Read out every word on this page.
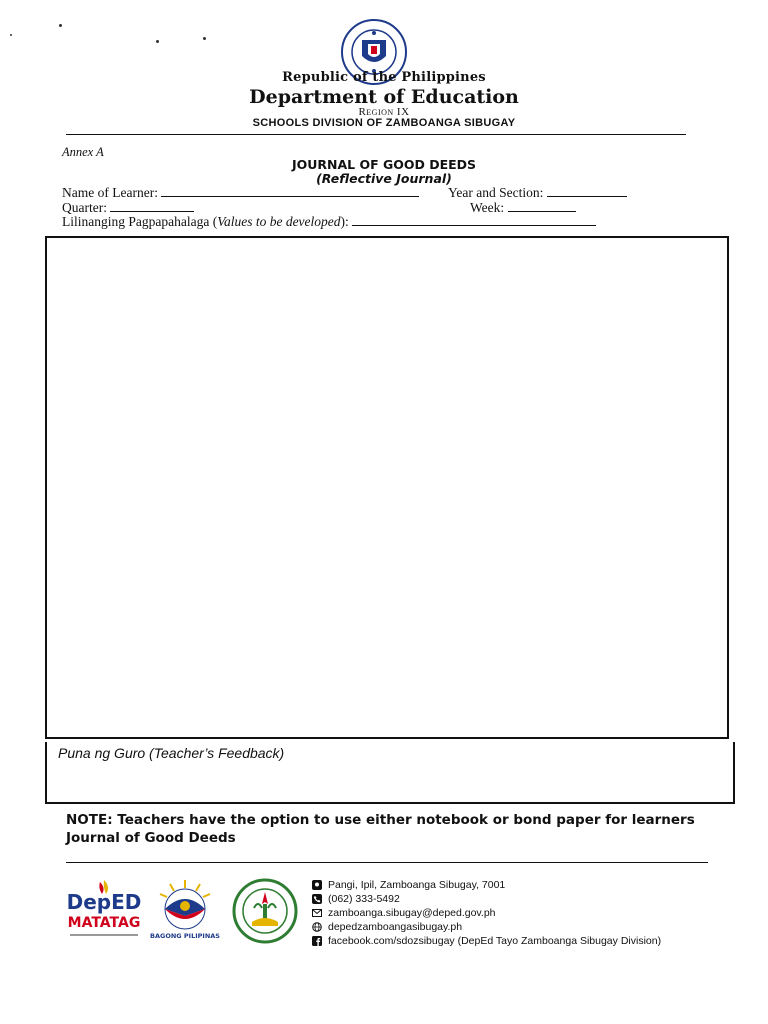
Republic of the Philippines
Department of Education
Region IX
SCHOOLS DIVISION OF ZAMBOANGA SIBUGAY
Annex A
JOURNAL OF GOOD DEEDS
(Reflective Journal)
Name of Learner:	Year and Section:
Quarter:	Week:
Lilinanging Pagpapahalaga (Values to be developed):
Puna ng Guro (Teacher’s Feedback)
NOTE: Teachers have the option to use either notebook or bond paper for learners Journal of Good Deeds
DepED
MATATAG
BAGONG PILIPINAS
Pangi, Ipil, Zamboanga Sibugay, 7001
(062) 333-5492
zamboanga.sibugay@deped.gov.ph
depedzamboangasibugay.ph
facebook.com/sdozsibugay (DepEd Tayo Zamboanga Sibugay Division)
